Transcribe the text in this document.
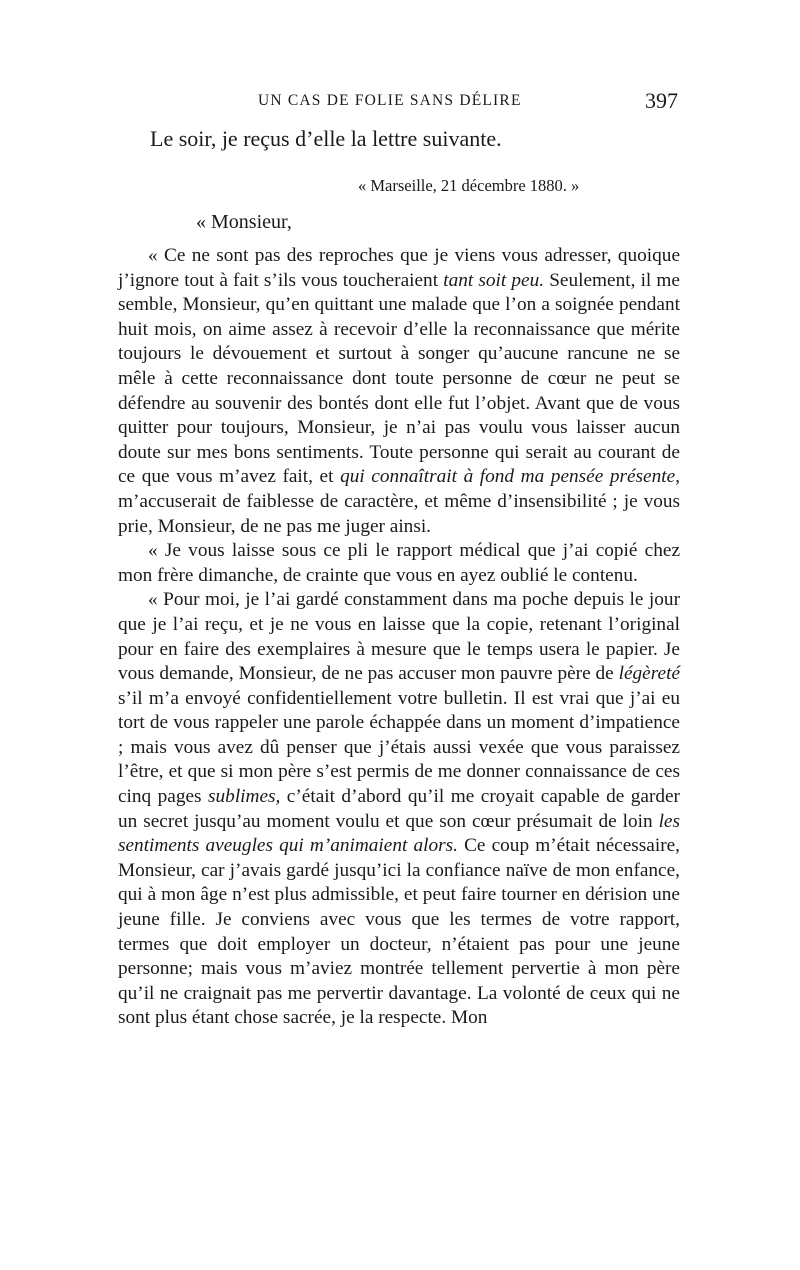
UN CAS DE FOLIE SANS DÉLIRE	397
Le soir, je reçus d’elle la lettre suivante.
« Marseille, 21 décembre 1880. »
« Monsieur,

« Ce ne sont pas des reproches que je viens vous adresser, quoique j’ignore tout à fait s’ils vous toucheraient tant soit peu. Seulement, il me semble, Monsieur, qu’en quittant une malade que l’on a soignée pendant huit mois, on aime assez à recevoir d’elle la reconnaissance que mérite toujours le dévouement et surtout à songer qu’aucune rancune ne se mêle à cette reconnaissance dont toute personne de cœur ne peut se défendre au souvenir des bontés dont elle fut l’objet. Avant que de vous quitter pour toujours, Monsieur, je n’ai pas voulu vous laisser aucun doute sur mes bons sentiments. Toute personne qui serait au courant de ce que vous m’avez fait, et qui connaîtrait à fond ma pensée présente, m’accuserait de faiblesse de caractère, et même d’insensibilité ; je vous prie, Monsieur, de ne pas me juger ainsi.

« Je vous laisse sous ce pli le rapport médical que j’ai copié chez mon frère dimanche, de crainte que vous en ayez oublié le contenu.

« Pour moi, je l’ai gardé constamment dans ma poche depuis le jour que je l’ai reçu, et je ne vous en laisse que la copie, retenant l’original pour en faire des exemplaires à mesure que le temps usera le papier. Je vous demande, Monsieur, de ne pas accuser mon pauvre père de légèreté s’il m’a envoyé confidentiellement votre bulletin. Il est vrai que j’ai eu tort de vous rappeler une parole échappée dans un moment d’impatience ; mais vous avez dû penser que j’étais aussi vexée que vous paraissez l’être, et que si mon père s’est permis de me donner connaissance de ces cinq pages sublimes, c’était d’abord qu’il me croyait capable de garder un secret jusqu’au moment voulu et que son cœur présumait de loin les sentiments aveugles qui m’animaient alors. Ce coup m’était nécessaire, Monsieur, car j’avais gardé jusqu’ici la confiance naïve de mon enfance, qui à mon âge n’est plus admissible, et peut faire tourner en dérision une jeune fille. Je conviens avec vous que les termes de votre rapport, termes que doit employer un docteur, n’étaient pas pour une jeune personne; mais vous m’aviez montrée tellement pervertie à mon père qu’il ne craignait pas me pervertir davantage. La volonté de ceux qui ne sont plus étant chose sacrée, je la respecte. Mon
